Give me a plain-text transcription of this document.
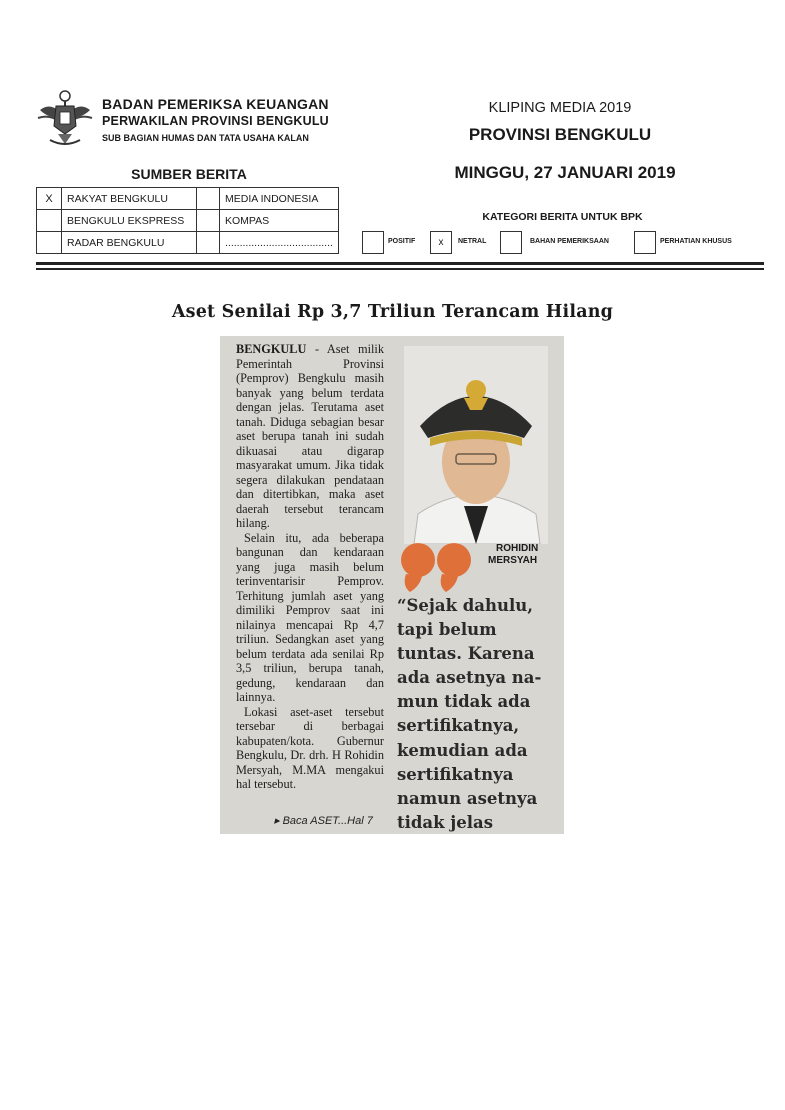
BADAN PEMERIKSA KEUANGAN
PERWAKILAN PROVINSI BENGKULU
SUB BAGIAN HUMAS DAN TATA USAHA KALAN
KLIPING MEDIA 2019
PROVINSI BENGKULU
MINGGU, 27 JANUARI 2019
SUMBER BERITA
X	RAKYAT BENGKULU		MEDIA INDONESIA
	BENGKULU EKSPRESS		KOMPAS
	RADAR BENGKULU		.....................................
KATEGORI BERITA UNTUK BPK
POSITIF	x	NETRAL	BAHAN PEMERIKSAAN	PERHATIAN KHUSUS
Aset Senilai Rp 3,7 Triliun Terancam Hilang

BENGKULU - Aset milik Pemerintah Provinsi (Pemprov) Bengkulu masih banyak yang belum terdata dengan jelas. Terutama aset tanah. Diduga sebagian besar aset berupa tanah ini sudah dikuasai atau digarap masyarakat umum. Jika tidak segera dilakukan pendataan dan ditertibkan, maka aset daerah tersebut terancam hilang.

Selain itu, ada beberapa bangunan dan kendaraan yang juga masih belum terinventarisir Pemprov. Terhitung jumlah aset yang dimiliki Pemprov saat ini nilainya mencapai Rp 4,7 triliun. Sedangkan aset yang belum terdata ada senilai Rp 3,5 triliun, berupa tanah, gedung, kendaraan dan lainnya.

Lokasi aset-aset tersebut tersebar di berbagai kabupaten/kota. Gubernur Bengkulu, Dr. drh. H Rohidin Mersyah, M.MA mengakui hal tersebut.

▸ Baca ASET...Hal 7
ROHIDIN
MERSYAH
“Sejak dahulu,
tapi belum
tuntas. Karena
ada asetnya na-
mun tidak ada
sertifikatnya,
kemudian ada
sertifikatnya
namun asetnya
tidak jelas
